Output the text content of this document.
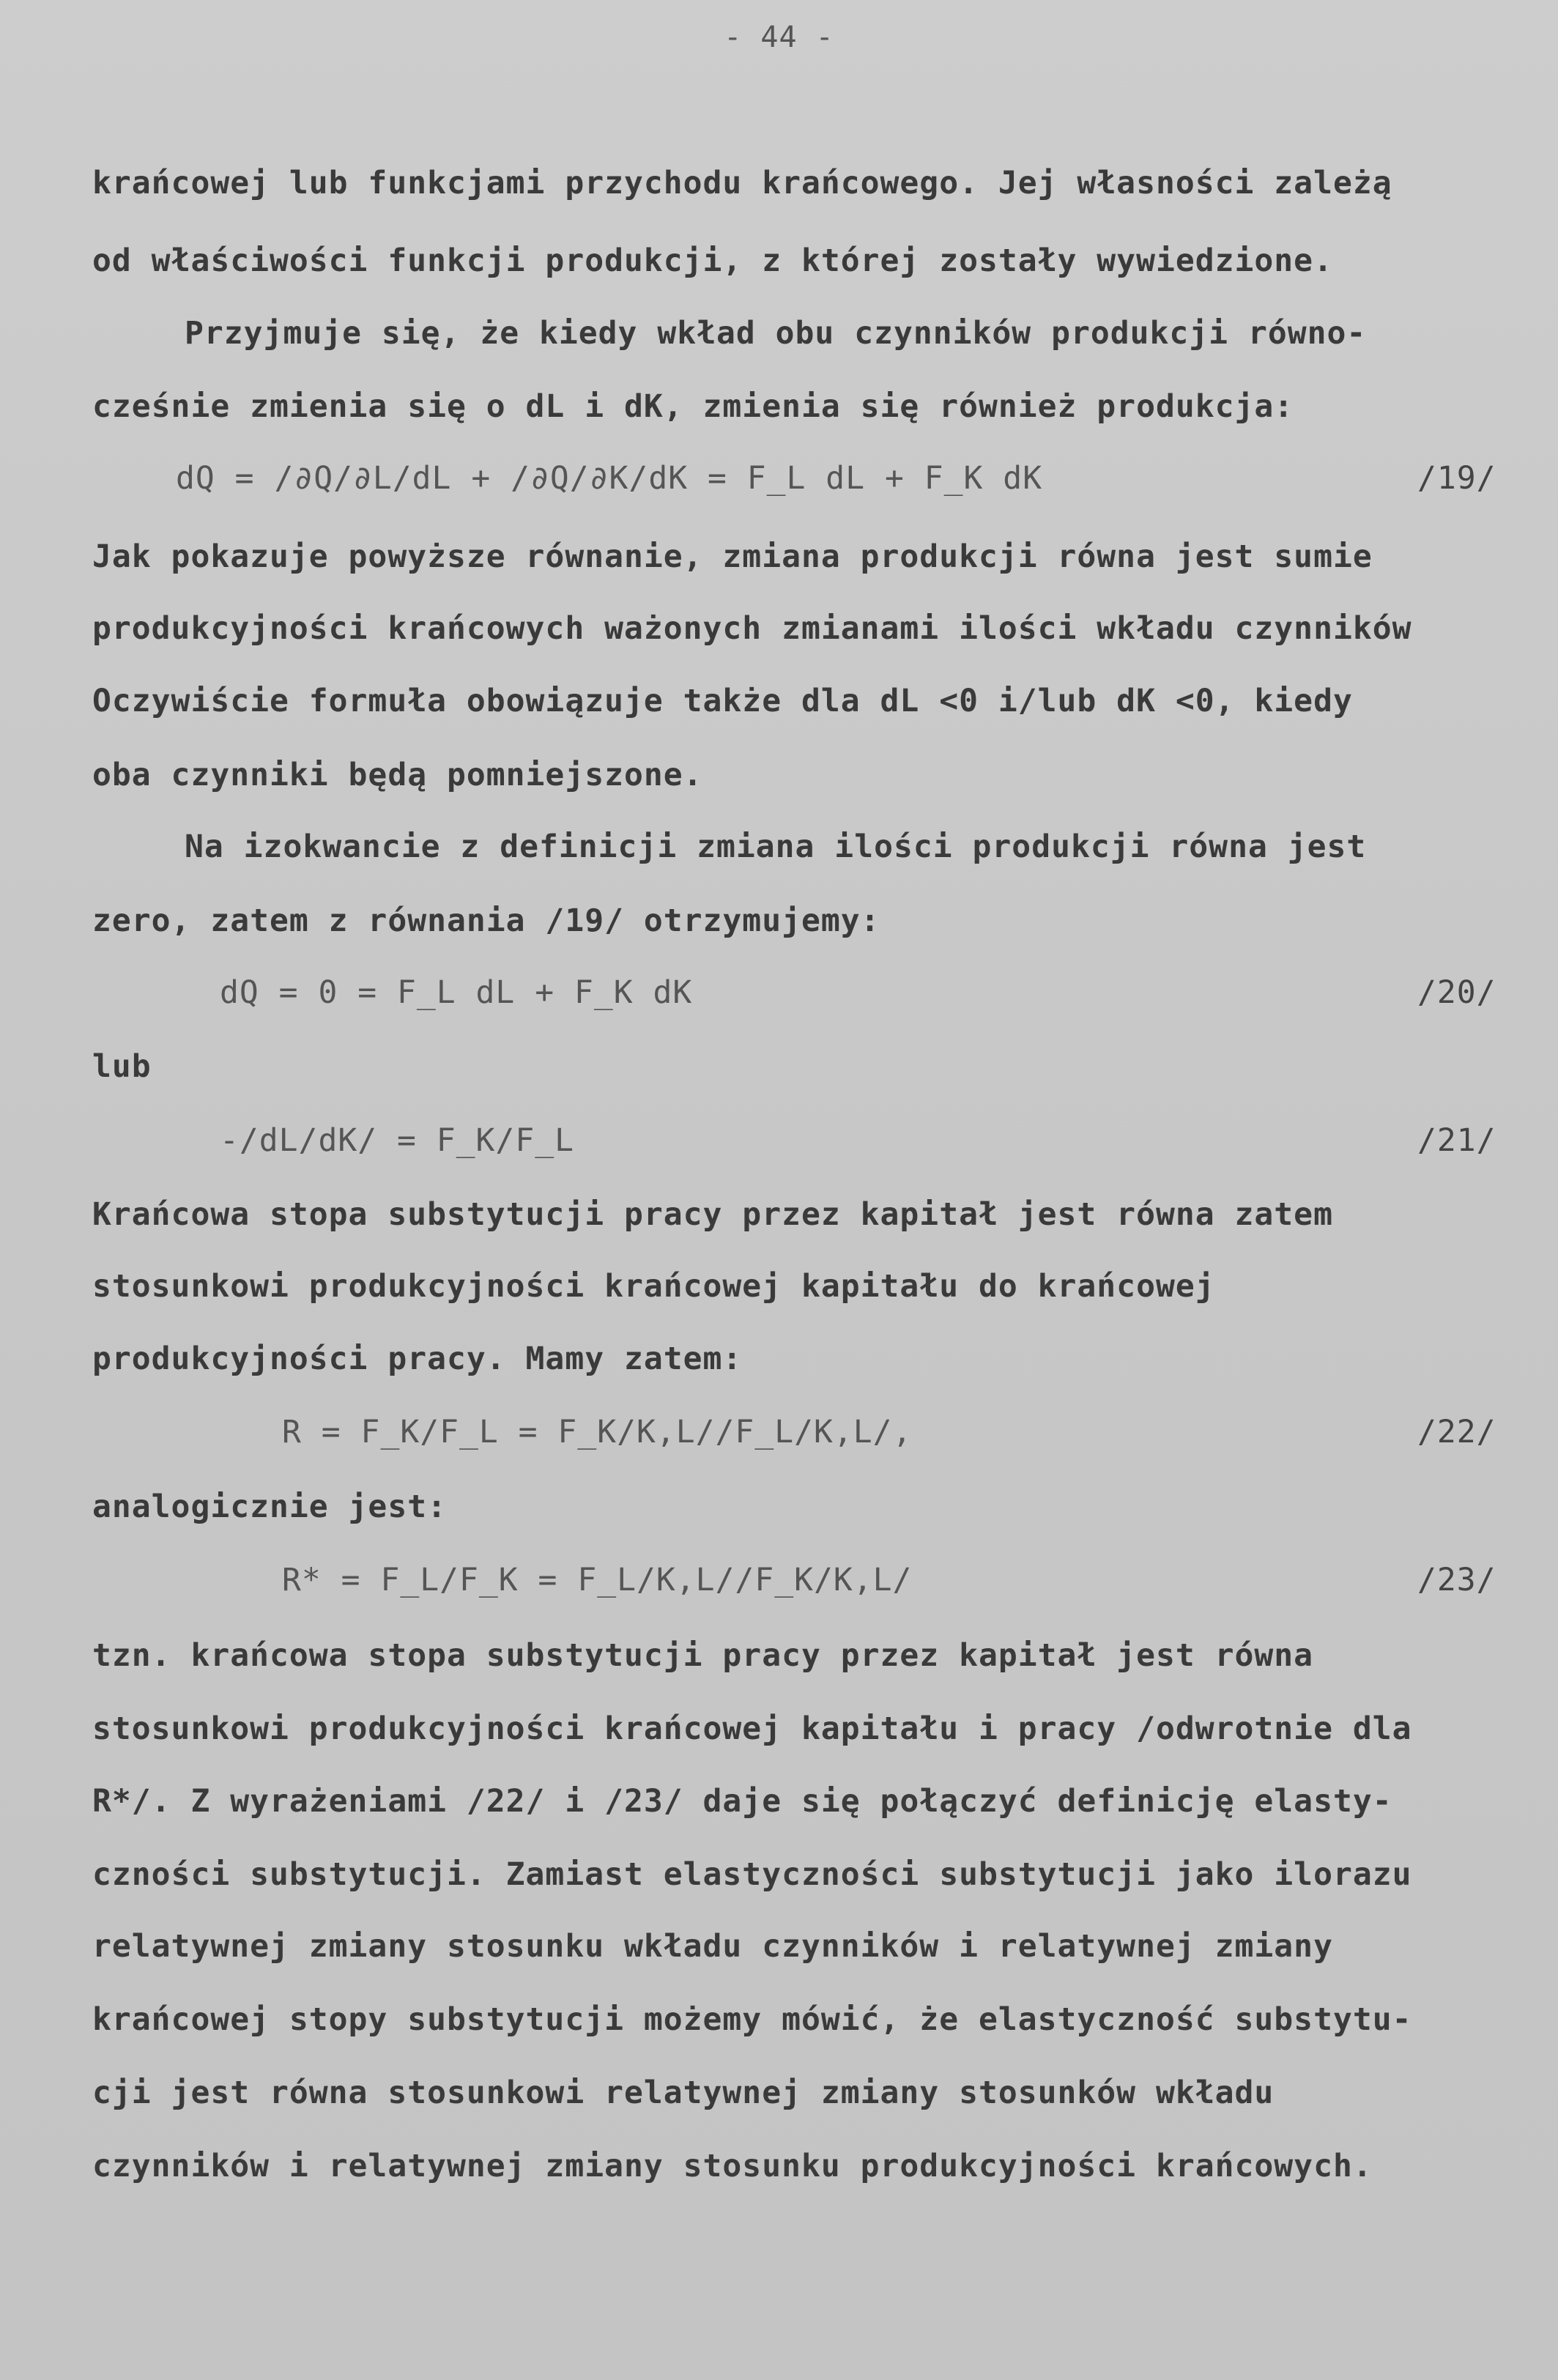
- 44 -
krańcowej lub funkcjami przychodu krańcowego. Jej własności zależą
od właściwości funkcji produkcji, z której zostały wywiedzione.
Przyjmuje się, że kiedy wkład obu czynników produkcji równo-
cześnie zmienia się o dL i dK, zmienia się również produkcja:
dQ = /∂Q/∂L/dL + /∂Q/∂K/dK = F_L dL + F_K dK	/19/
Jak pokazuje powyższe równanie, zmiana produkcji równa jest sumie
produkcyjności krańcowych ważonych zmianami ilości wkładu czynników
Oczywiście formuła obowiązuje także dla dL <0 i/lub dK <0, kiedy
oba czynniki będą pomniejszone.
Na izokwancie z definicji zmiana ilości produkcji równa jest
zero, zatem z równania /19/ otrzymujemy:
dQ = 0 = F_L dL + F_K dK	/20/
lub
-/dL/dK/ = F_K/F_L	/21/
Krańcowa stopa substytucji pracy przez kapitał jest równa zatem
stosunkowi produkcyjności krańcowej kapitału do krańcowej
produkcyjności pracy. Mamy zatem:
R = F_K/F_L = F_K/K,L//F_L/K,L/,	/22/
analogicznie jest:
R* = F_L/F_K = F_L/K,L//F_K/K,L/	/23/
tzn. krańcowa stopa substytucji pracy przez kapitał jest równa
stosunkowi produkcyjności krańcowej kapitału i pracy /odwrotnie dla
R*/. Z wyrażeniami /22/ i /23/ daje się połączyć definicję elasty-
czności substytucji. Zamiast elastyczności substytucji jako ilorazu
relatywnej zmiany stosunku wkładu czynników i relatywnej zmiany
krańcowej stopy substytucji możemy mówić, że elastyczność substytu-
cji jest równa stosunkowi relatywnej zmiany stosunków wkładu
czynników i relatywnej zmiany stosunku produkcyjności krańcowych.
